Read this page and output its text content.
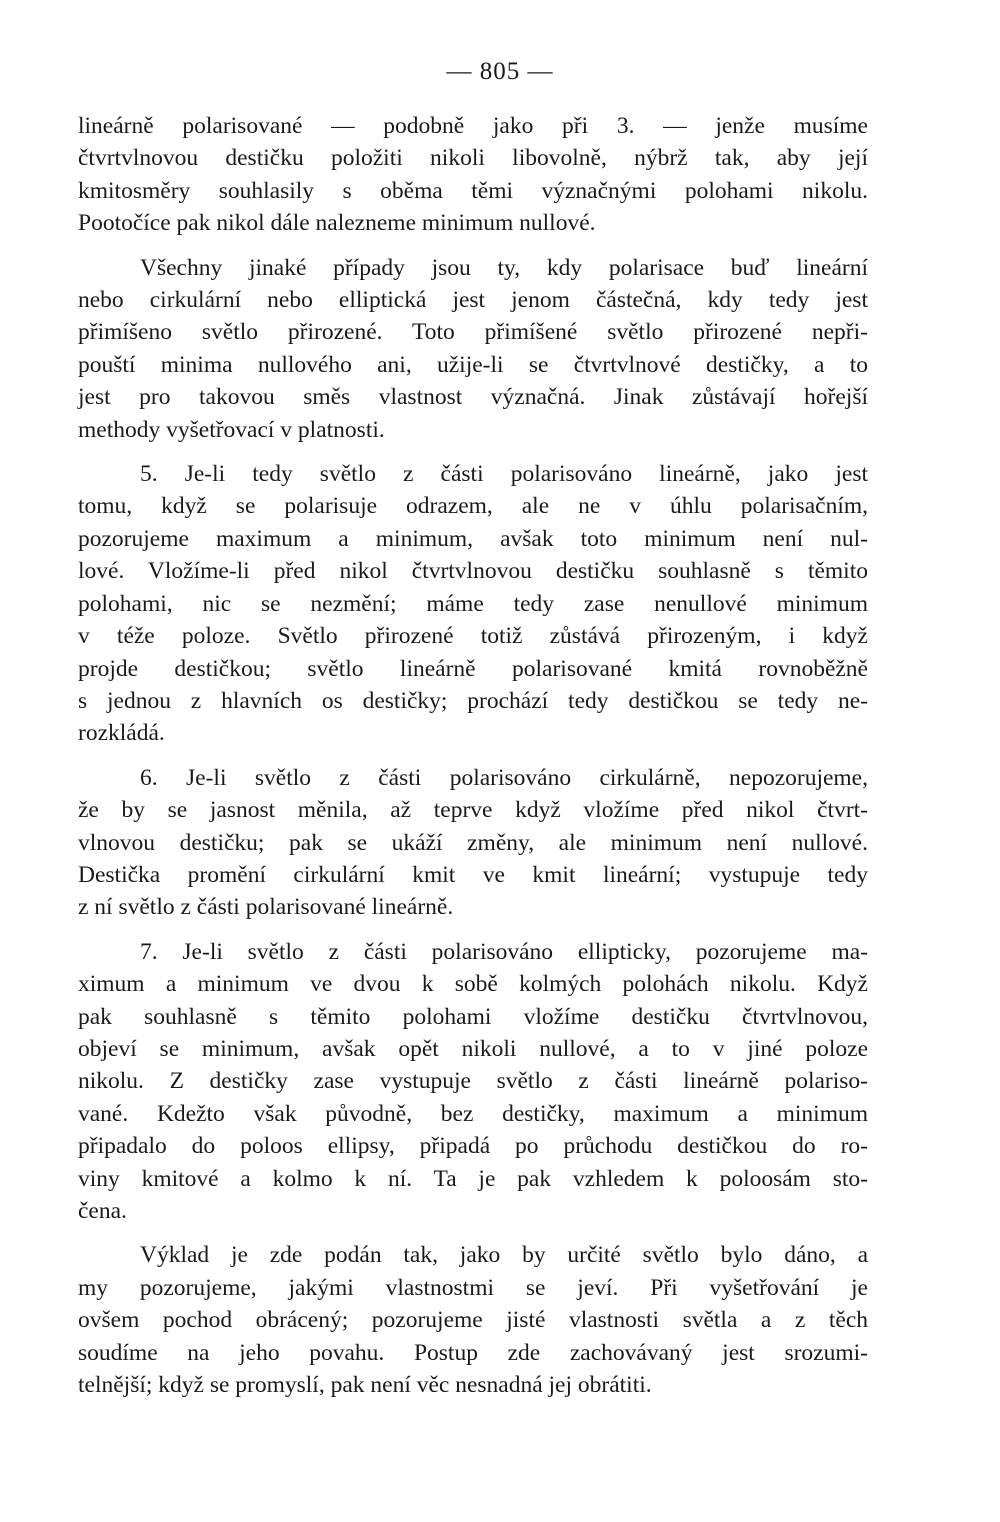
— 805 —
lineárně polarisované — podobně jako při 3. — jenže musíme
čtvrtvlnovou destičku položiti nikoli libovolně, nýbrž tak, aby její
kmitosměry souhlasily s oběma těmi význačnými polohami nikolu.
Pootočíce pak nikol dále nalezneme minimum nullové.
Všechny jinaké případy jsou ty, kdy polarisace buď lineární
nebo cirkulární nebo elliptická jest jenom částečná, kdy tedy jest
přimíšeno světlo přirozené. Toto přimíšené světlo přirozené nepři-
pouští minima nullového ani, užije-li se čtvrtvlnové destičky, a to
jest pro takovou směs vlastnost význačná. Jinak zůstávají hořejší
methody vyšetřovací v platnosti.
5. Je-li tedy světlo z části polarisováno lineárně, jako jest
tomu, když se polarisuje odrazem, ale ne v úhlu polarisačním,
pozorujeme maximum a minimum, avšak toto minimum není nul-
lové. Vložíme-li před nikol čtvrtvlnovou destičku souhlasně s těmito
polohami, nic se nezmění; máme tedy zase nenullové minimum
v téže poloze. Světlo přirozené totiž zůstává přirozeným, i když
projde destičkou; světlo lineárně polarisované kmitá rovnoběžně
s jednou z hlavních os destičky; prochází tedy destičkou se tedy ne-
rozkládá.
6. Je-li světlo z části polarisováno cirkulárně, nepozorujeme,
že by se jasnost měnila, až teprve když vložíme před nikol čtvrt-
vlnovou destičku; pak se ukáží změny, ale minimum není nullové.
Destička promění cirkulární kmit ve kmit lineární; vystupuje tedy
z ní světlo z části polarisované lineárně.
7. Je-li světlo z části polarisováno ellipticky, pozorujeme ma-
ximum a minimum ve dvou k sobě kolmých polohách nikolu. Když
pak souhlasně s těmito polohami vložíme destičku čtvrtvlnovou,
objeví se minimum, avšak opět nikoli nullové, a to v jiné poloze
nikolu. Z destičky zase vystupuje světlo z části lineárně polariso-
vané. Kdežto však původně, bez destičky, maximum a minimum
připadalo do poloos ellipsy, připadá po průchodu destičkou do ro-
viny kmitové a kolmo k ní. Ta je pak vzhledem k poloosám sto-
čena.
Výklad je zde podán tak, jako by určité světlo bylo dáno, a
my pozorujeme, jakými vlastnostmi se jeví. Při vyšetřování je
ovšem pochod obrácený; pozorujeme jisté vlastnosti světla a z těch
soudíme na jeho povahu. Postup zde zachovávaný jest srozumi-
telnější; když se promyslí, pak není věc nesnadná jej obrátiti.
